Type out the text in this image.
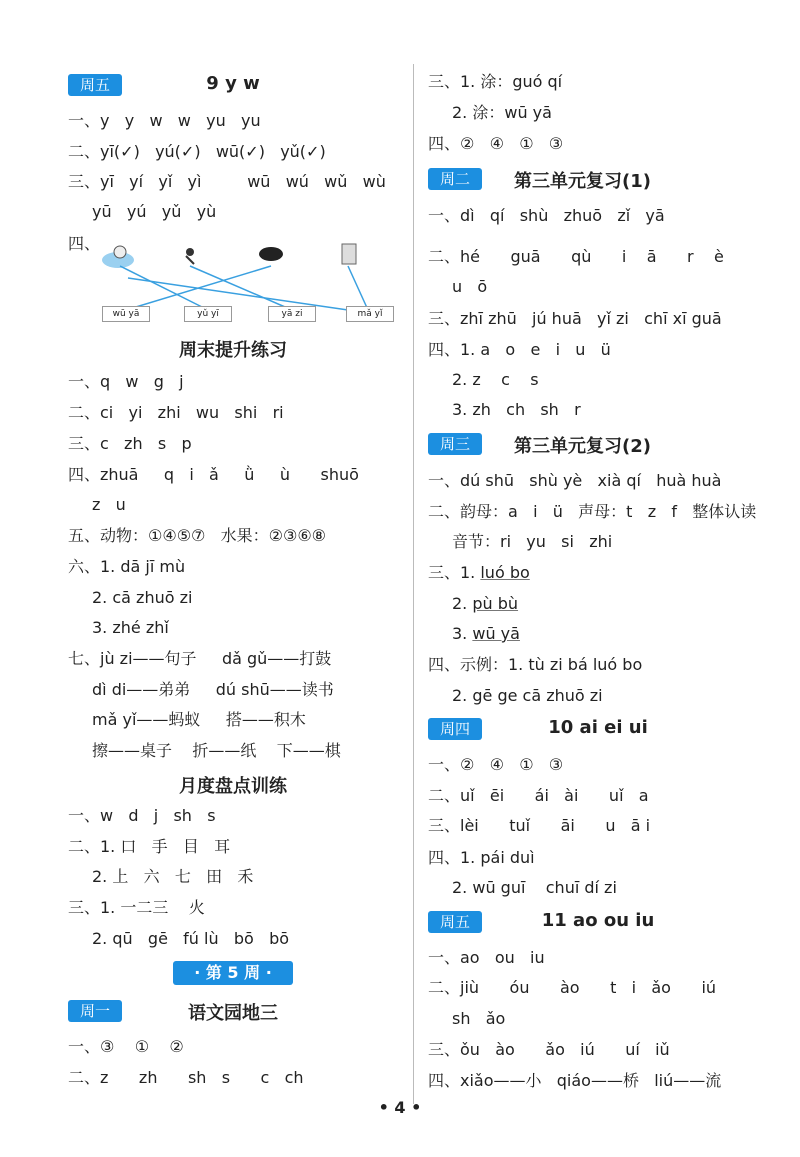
周五	9 y w
一、y   y   w   w   yu   yu
二、yī(✓)   yú(✓)   wū(✓)   yǔ(✓)
三、yī   yí   yǐ   yì         wū   wú   wǔ   wù
yū   yú   yǔ   yù
四、
wū yā	yǔ yī	yā zi	mǎ yǐ
周末提升练习
一、q   w   g   j
二、ci   yi   zhi   wu   shi   ri
三、c   zh   s   p
四、zhuā     q   i   ǎ     ǜ     ù      shuō
z   u
五、动物：①④⑤⑦   水果：②③⑥⑧
六、1. dā jī mù
2. cā zhuō zi
3. zhé zhǐ
七、jù zi——句子     dǎ gǔ——打鼓
dì di——弟弟     dú shū——读书
mǎ yǐ——蚂蚁     搭——积木
擦——桌子    折——纸    下——棋
月度盘点训练
一、w   d   j   sh   s
二、1. 口   手   目   耳
2. 上   六   七   田   禾
三、1. 一二三    火
2. qū   gē   fú lù   bō   bō
· 第 5 周 ·
周一	语文园地三
一、③    ①    ②
二、z      zh      sh   s      c   ch
三、1. 涂：guó qí
2. 涂：wū yā
四、②   ④   ①   ③
周二	第三单元复习(1)
一、dì   qí   shù   zhuō   zǐ   yā
二、hé      guā      qù      i    ā      r    è
u   ō
三、zhī zhū   jú huā   yǐ zi   chī xī guā
四、1. a   o   e   i   u   ü
2. z    c    s
3. zh   ch   sh   r
周三	第三单元复习(2)
一、dú shū   shù yè   xià qí   huà huà
二、韵母：a   i   ü   声母：t   z   f   整体认读
音节：ri   yu   si   zhi
三、1. luó bo
2. pù bù
3. wū yā
四、示例：1. tù zi bá luó bo
2. gē ge cā zhuō zi
周四	10 ai ei ui
一、②   ④   ①   ③
二、uǐ   ēi      ái   ài      uǐ   a
三、lèi      tuǐ      āi      u   ā i
四、1. pái duì
2. wū guī    chuī dí zi
周五	11 ao ou iu
一、ao   ou   iu
二、jiù      óu      ào      t   i   ǎo      iú
sh   ǎo
三、ǒu   ào      ǎo   iú      uí   iǔ
四、xiǎo——小   qiáo——桥   liú——流
• 4 •
